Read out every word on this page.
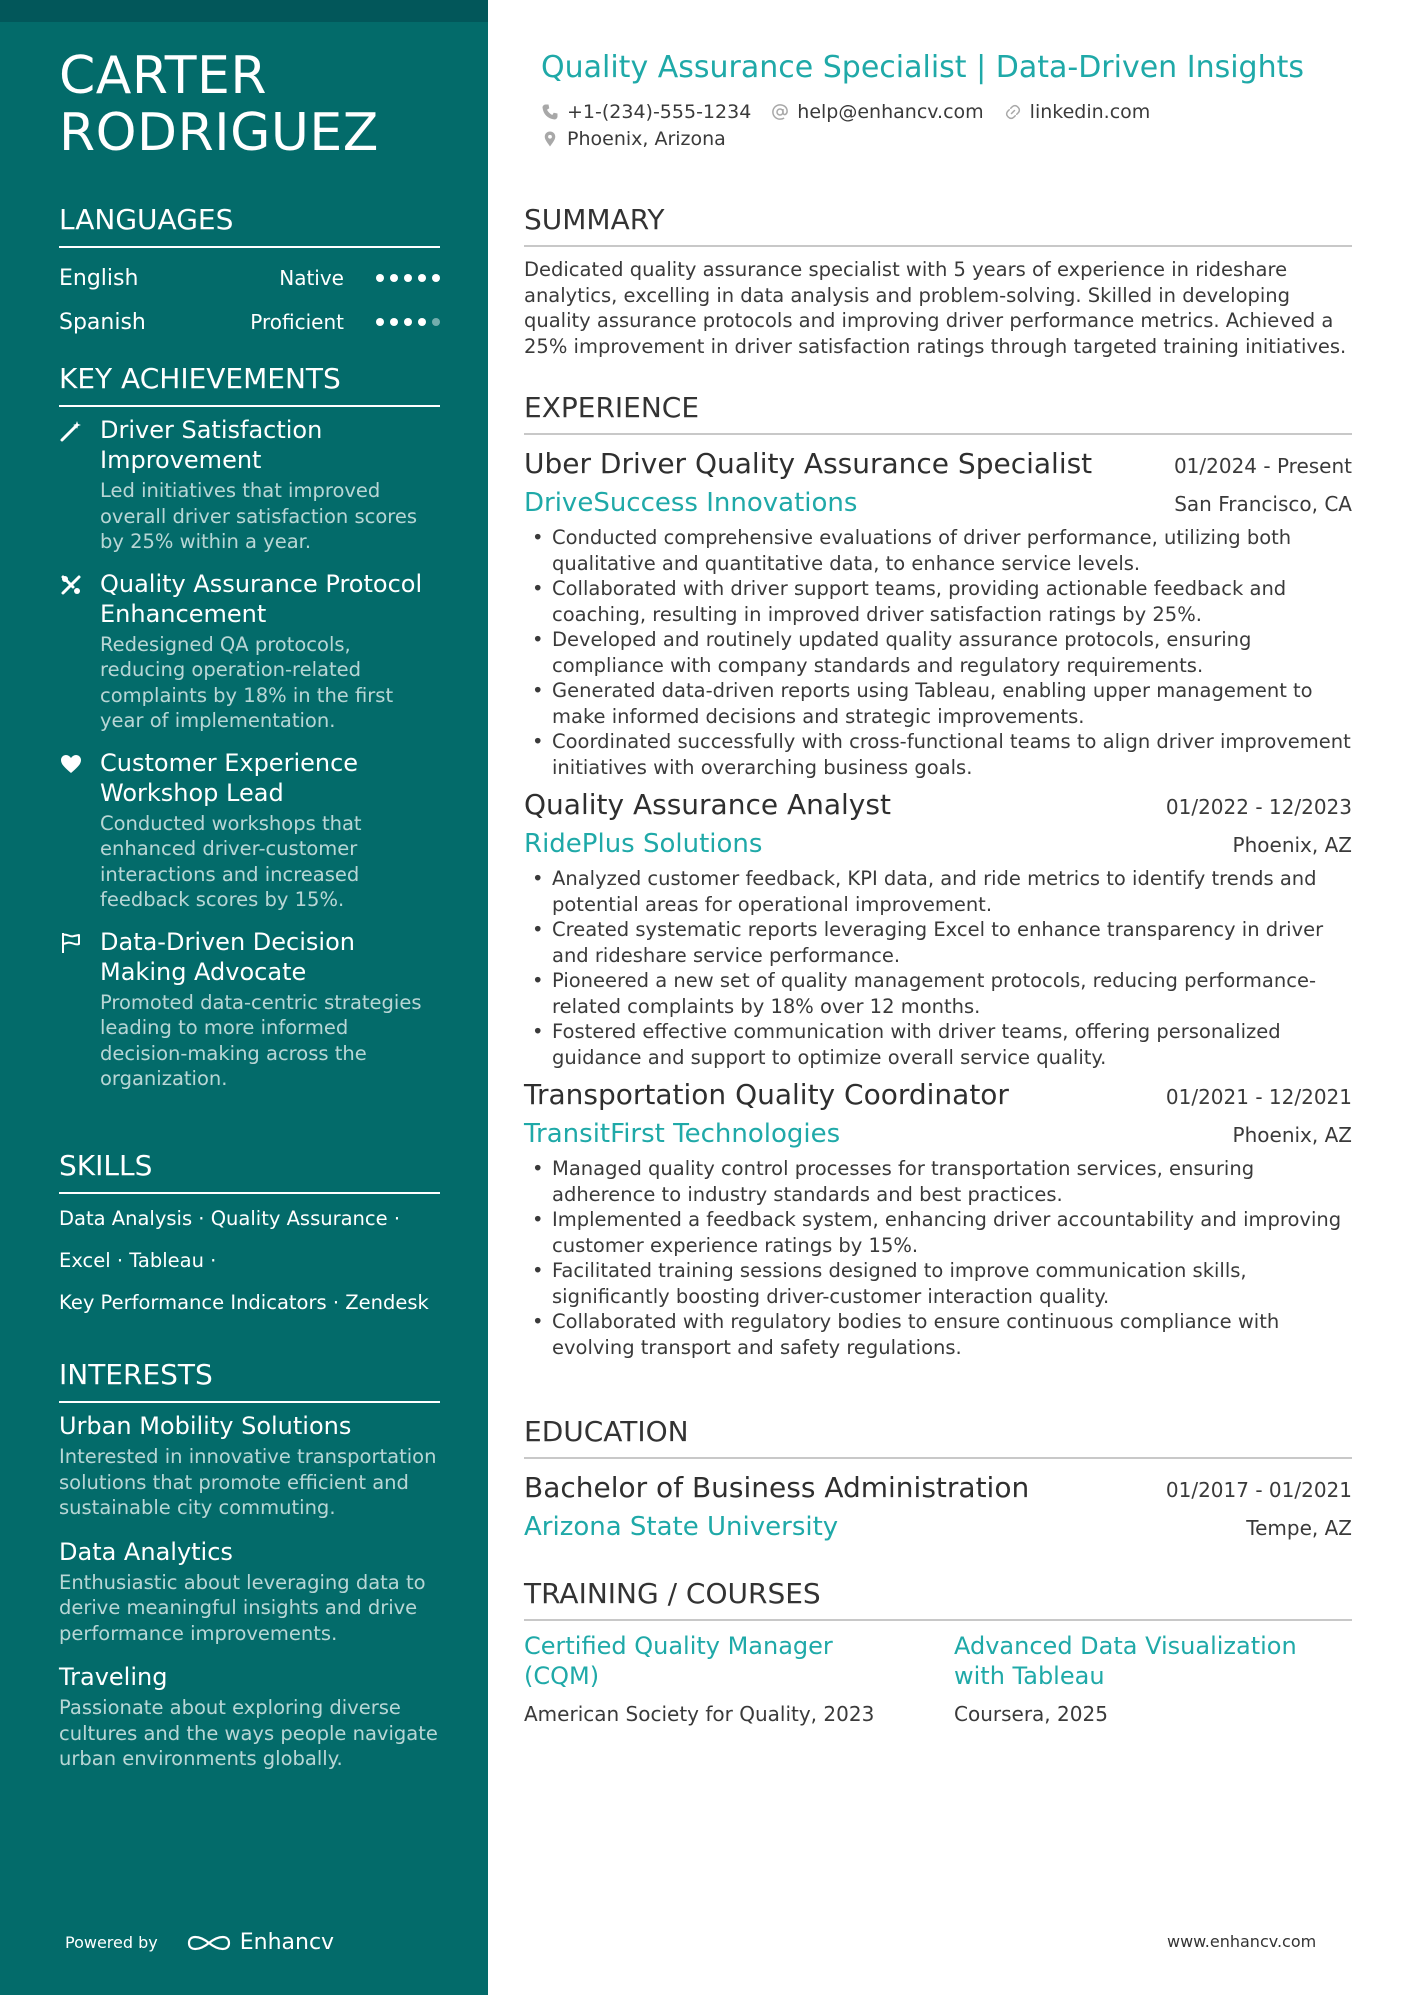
CARTER
RODRIGUEZ
LANGUAGES
English	Native
Spanish	Proficient
KEY ACHIEVEMENTS
Driver Satisfaction Improvement
Led initiatives that improved overall driver satisfaction scores by 25% within a year.
Quality Assurance Protocol Enhancement
Redesigned QA protocols, reducing operation-related complaints by 18% in the first year of implementation.
Customer Experience Workshop Lead
Conducted workshops that enhanced driver-customer interactions and increased feedback scores by 15%.
Data-Driven Decision Making Advocate
Promoted data-centric strategies leading to more informed decision-making across the organization.
SKILLS
Data Analysis · Quality Assurance ·
Excel · Tableau ·
Key Performance Indicators · Zendesk
INTERESTS
Urban Mobility Solutions
Interested in innovative transportation solutions that promote efficient and sustainable city commuting.
Data Analytics
Enthusiastic about leveraging data to derive meaningful insights and drive performance improvements.
Traveling
Passionate about exploring diverse cultures and the ways people navigate urban environments globally.
Powered by	Enhancv
Quality Assurance Specialist | Data-Driven Insights
+1-(234)-555-1234 help@enhancv.com linkedin.com
Phoenix, Arizona
SUMMARY
Dedicated quality assurance specialist with 5 years of experience in rideshare analytics, excelling in data analysis and problem-solving. Skilled in developing quality assurance protocols and improving driver performance metrics. Achieved a 25% improvement in driver satisfaction ratings through targeted training initiatives.
EXPERIENCE
Uber Driver Quality Assurance Specialist	01/2024 - Present
DriveSuccess Innovations	San Francisco, CA
• Conducted comprehensive evaluations of driver performance, utilizing both qualitative and quantitative data, to enhance service levels.
• Collaborated with driver support teams, providing actionable feedback and coaching, resulting in improved driver satisfaction ratings by 25%.
• Developed and routinely updated quality assurance protocols, ensuring compliance with company standards and regulatory requirements.
• Generated data-driven reports using Tableau, enabling upper management to make informed decisions and strategic improvements.
• Coordinated successfully with cross-functional teams to align driver improvement initiatives with overarching business goals.
Quality Assurance Analyst	01/2022 - 12/2023
RidePlus Solutions	Phoenix, AZ
• Analyzed customer feedback, KPI data, and ride metrics to identify trends and potential areas for operational improvement.
• Created systematic reports leveraging Excel to enhance transparency in driver and rideshare service performance.
• Pioneered a new set of quality management protocols, reducing performance-related complaints by 18% over 12 months.
• Fostered effective communication with driver teams, offering personalized guidance and support to optimize overall service quality.
Transportation Quality Coordinator	01/2021 - 12/2021
TransitFirst Technologies	Phoenix, AZ
• Managed quality control processes for transportation services, ensuring adherence to industry standards and best practices.
• Implemented a feedback system, enhancing driver accountability and improving customer experience ratings by 15%.
• Facilitated training sessions designed to improve communication skills, significantly boosting driver-customer interaction quality.
• Collaborated with regulatory bodies to ensure continuous compliance with evolving transport and safety regulations.
EDUCATION
Bachelor of Business Administration	01/2017 - 01/2021
Arizona State University	Tempe, AZ
TRAINING / COURSES
Certified Quality Manager (CQM)
American Society for Quality, 2023
Advanced Data Visualization with Tableau
Coursera, 2025
www.enhancv.com
